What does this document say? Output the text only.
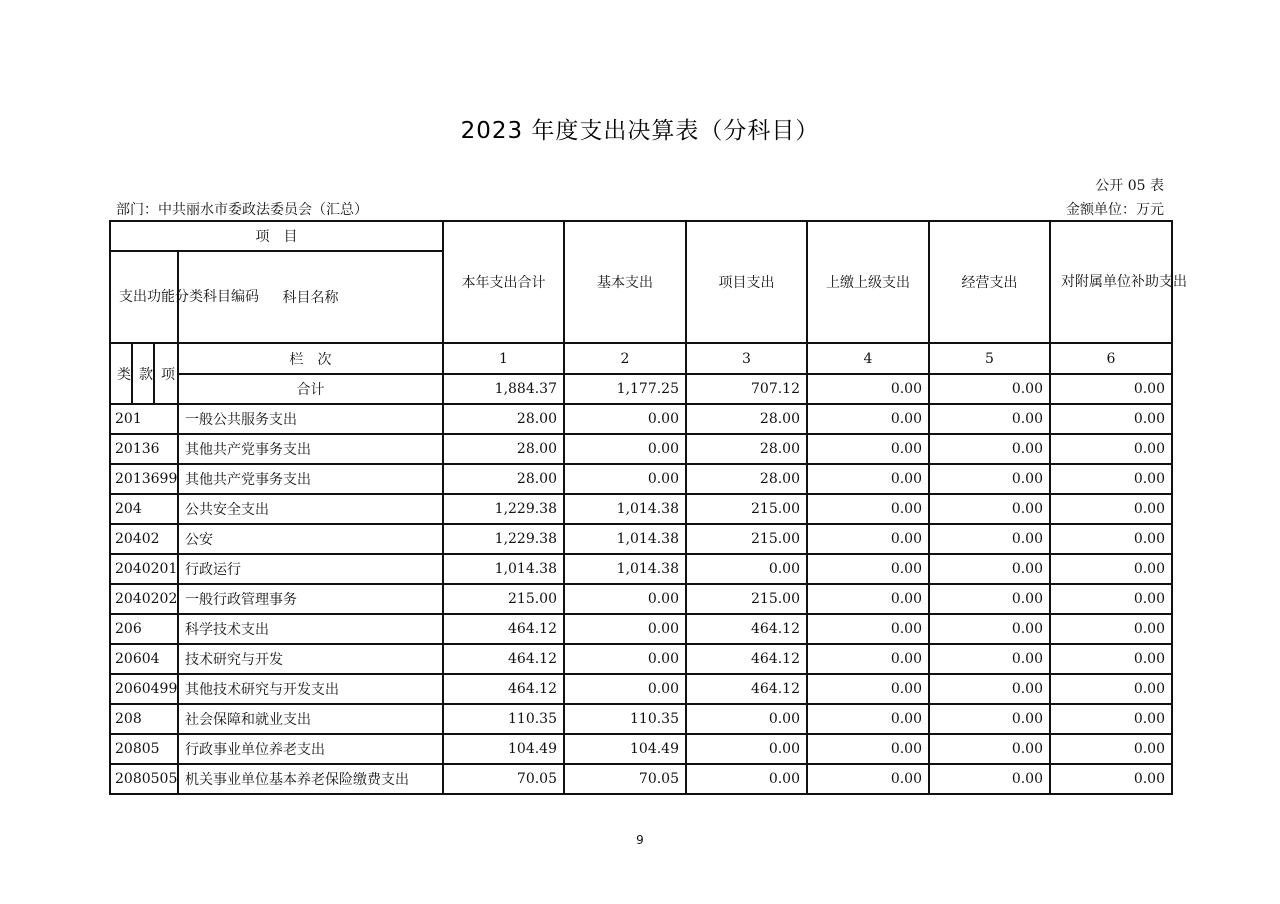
2023 年度支出决算表（分科目）
公开 05 表
部门：中共丽水市委政法委员会（汇总）	金额单位：万元
项　目				本年支出合计	基本支出	项目支出	上缴上级支出	经营支出	对附属单位补助支出
支出功能分类科目编码			科目名称						
类	款	项	栏　次	1	2	3	4	5	6
			合计	1,884.37	1,177.25	707.12	0.00	0.00	0.00
201			一般公共服务支出	28.00	0.00	28.00	0.00	0.00	0.00
20136			其他共产党事务支出	28.00	0.00	28.00	0.00	0.00	0.00
2013699			其他共产党事务支出	28.00	0.00	28.00	0.00	0.00	0.00
204			公共安全支出	1,229.38	1,014.38	215.00	0.00	0.00	0.00
20402			公安	1,229.38	1,014.38	215.00	0.00	0.00	0.00
2040201			行政运行	1,014.38	1,014.38	0.00	0.00	0.00	0.00
2040202			一般行政管理事务	215.00	0.00	215.00	0.00	0.00	0.00
206			科学技术支出	464.12	0.00	464.12	0.00	0.00	0.00
20604			技术研究与开发	464.12	0.00	464.12	0.00	0.00	0.00
2060499			其他技术研究与开发支出	464.12	0.00	464.12	0.00	0.00	0.00
208			社会保障和就业支出	110.35	110.35	0.00	0.00	0.00	0.00
20805			行政事业单位养老支出	104.49	104.49	0.00	0.00	0.00	0.00
2080505			机关事业单位基本养老保险缴费支出	70.05	70.05	0.00	0.00	0.00	0.00
9
